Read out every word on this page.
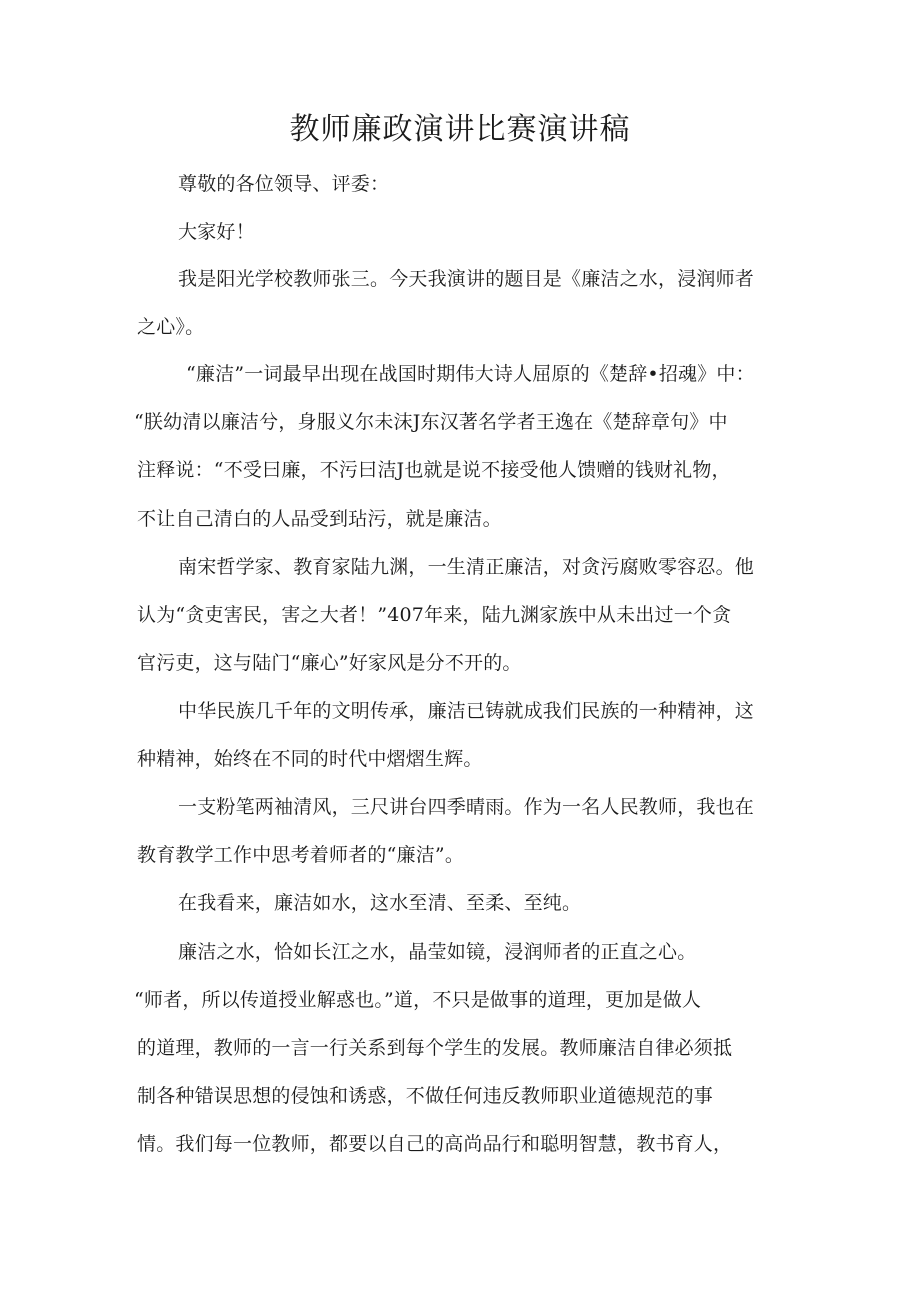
教师廉政演讲比赛演讲稿
尊敬的各位领导、评委：
大家好！
我是阳光学校教师张三。今天我演讲的题目是《廉洁之水，浸润师者
之心》。
“廉洁”一词最早出现在战国时期伟大诗人屈原的《楚辞•招魂》中：
“朕幼清以廉洁兮，身服义尔未沫J东汉著名学者王逸在《楚辞章句》中
注释说：“不受曰廉，不污曰洁J也就是说不接受他人馈赠的钱财礼物，
不让自己清白的人品受到玷污，就是廉洁。
南宋哲学家、教育家陆九渊，一生清正廉洁，对贪污腐败零容忍。他
认为“贪吏害民，害之大者！”407年来，陆九渊家族中从未出过一个贪
官污吏，这与陆门“廉心”好家风是分不开的。
中华民族几千年的文明传承，廉洁已铸就成我们民族的一种精神，这
种精神，始终在不同的时代中熠熠生辉。
一支粉笔两袖清风，三尺讲台四季晴雨。作为一名人民教师，我也在
教育教学工作中思考着师者的“廉洁”。
在我看来，廉洁如水，这水至清、至柔、至纯。
廉洁之水，恰如长江之水，晶莹如镜，浸润师者的正直之心。
“师者，所以传道授业解惑也。”道，不只是做事的道理，更加是做人
的道理，教师的一言一行关系到每个学生的发展。教师廉洁自律必须抵
制各种错误思想的侵蚀和诱惑，不做任何违反教师职业道德规范的事
情。我们每一位教师，都要以自己的高尚品行和聪明智慧，教书育人，
